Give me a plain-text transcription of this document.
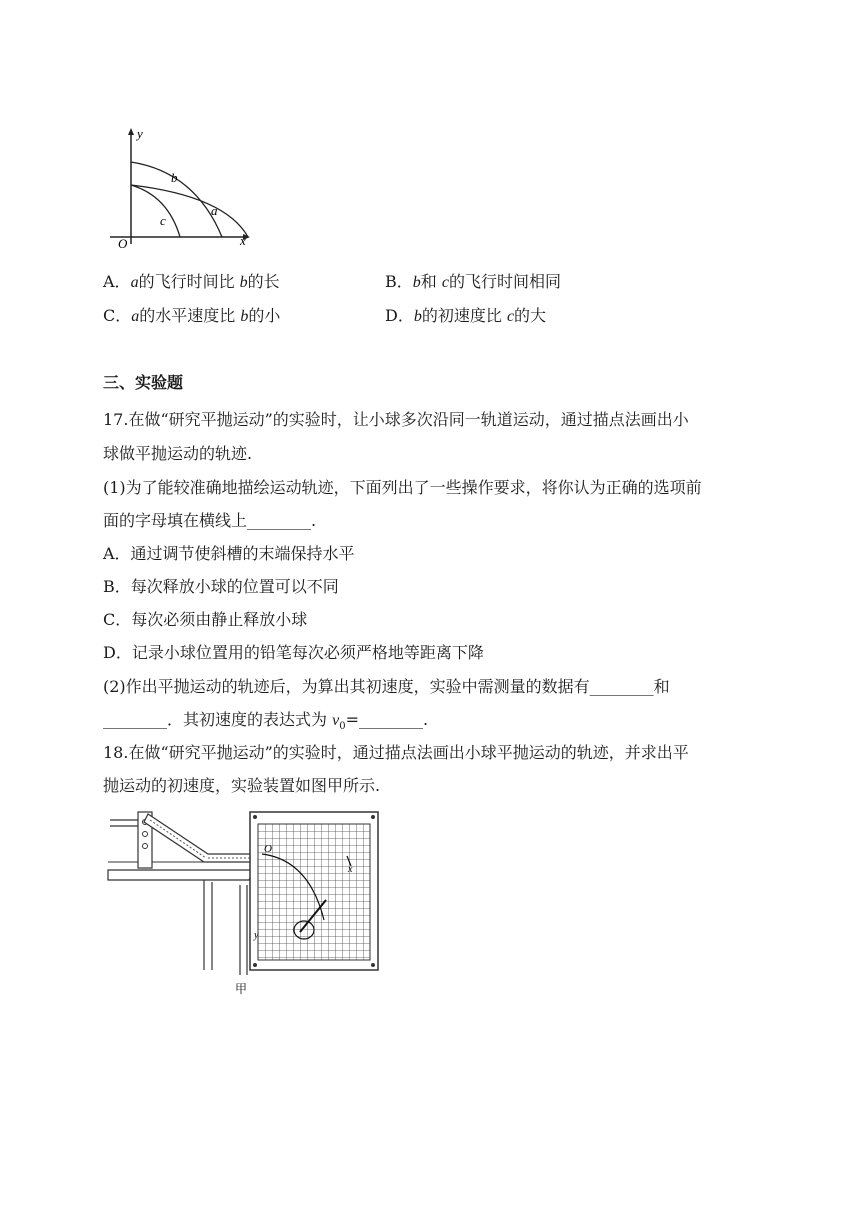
y
x
O
b
a
c
A．a的飞行时间比 b的长	B．b和 c的飞行时间相同
C．a的水平速度比 b的小	D．b的初速度比 c的大
三、实验题
17.在做“研究平抛运动”的实验时，让小球多次沿同一轨道运动，通过描点法画出小
球做平抛运动的轨迹.
(1)为了能较准确地描绘运动轨迹，下面列出了一些操作要求，将你认为正确的选项前
面的字母填在横线上________.
A．通过调节使斜槽的末端保持水平
B．每次释放小球的位置可以不同
C．每次必须由静止释放小球
D．记录小球位置用的铅笔每次必须严格地等距离下降
(2)作出平抛运动的轨迹后，为算出其初速度，实验中需测量的数据有________和
________．其初速度的表达式为 $v_0=\_\_\_\_\_\_\_\_$.
18.在做“研究平抛运动”的实验时，通过描点法画出小球平抛运动的轨迹，并求出平
抛运动的初速度，实验装置如图甲所示.
O
x
y
甲
